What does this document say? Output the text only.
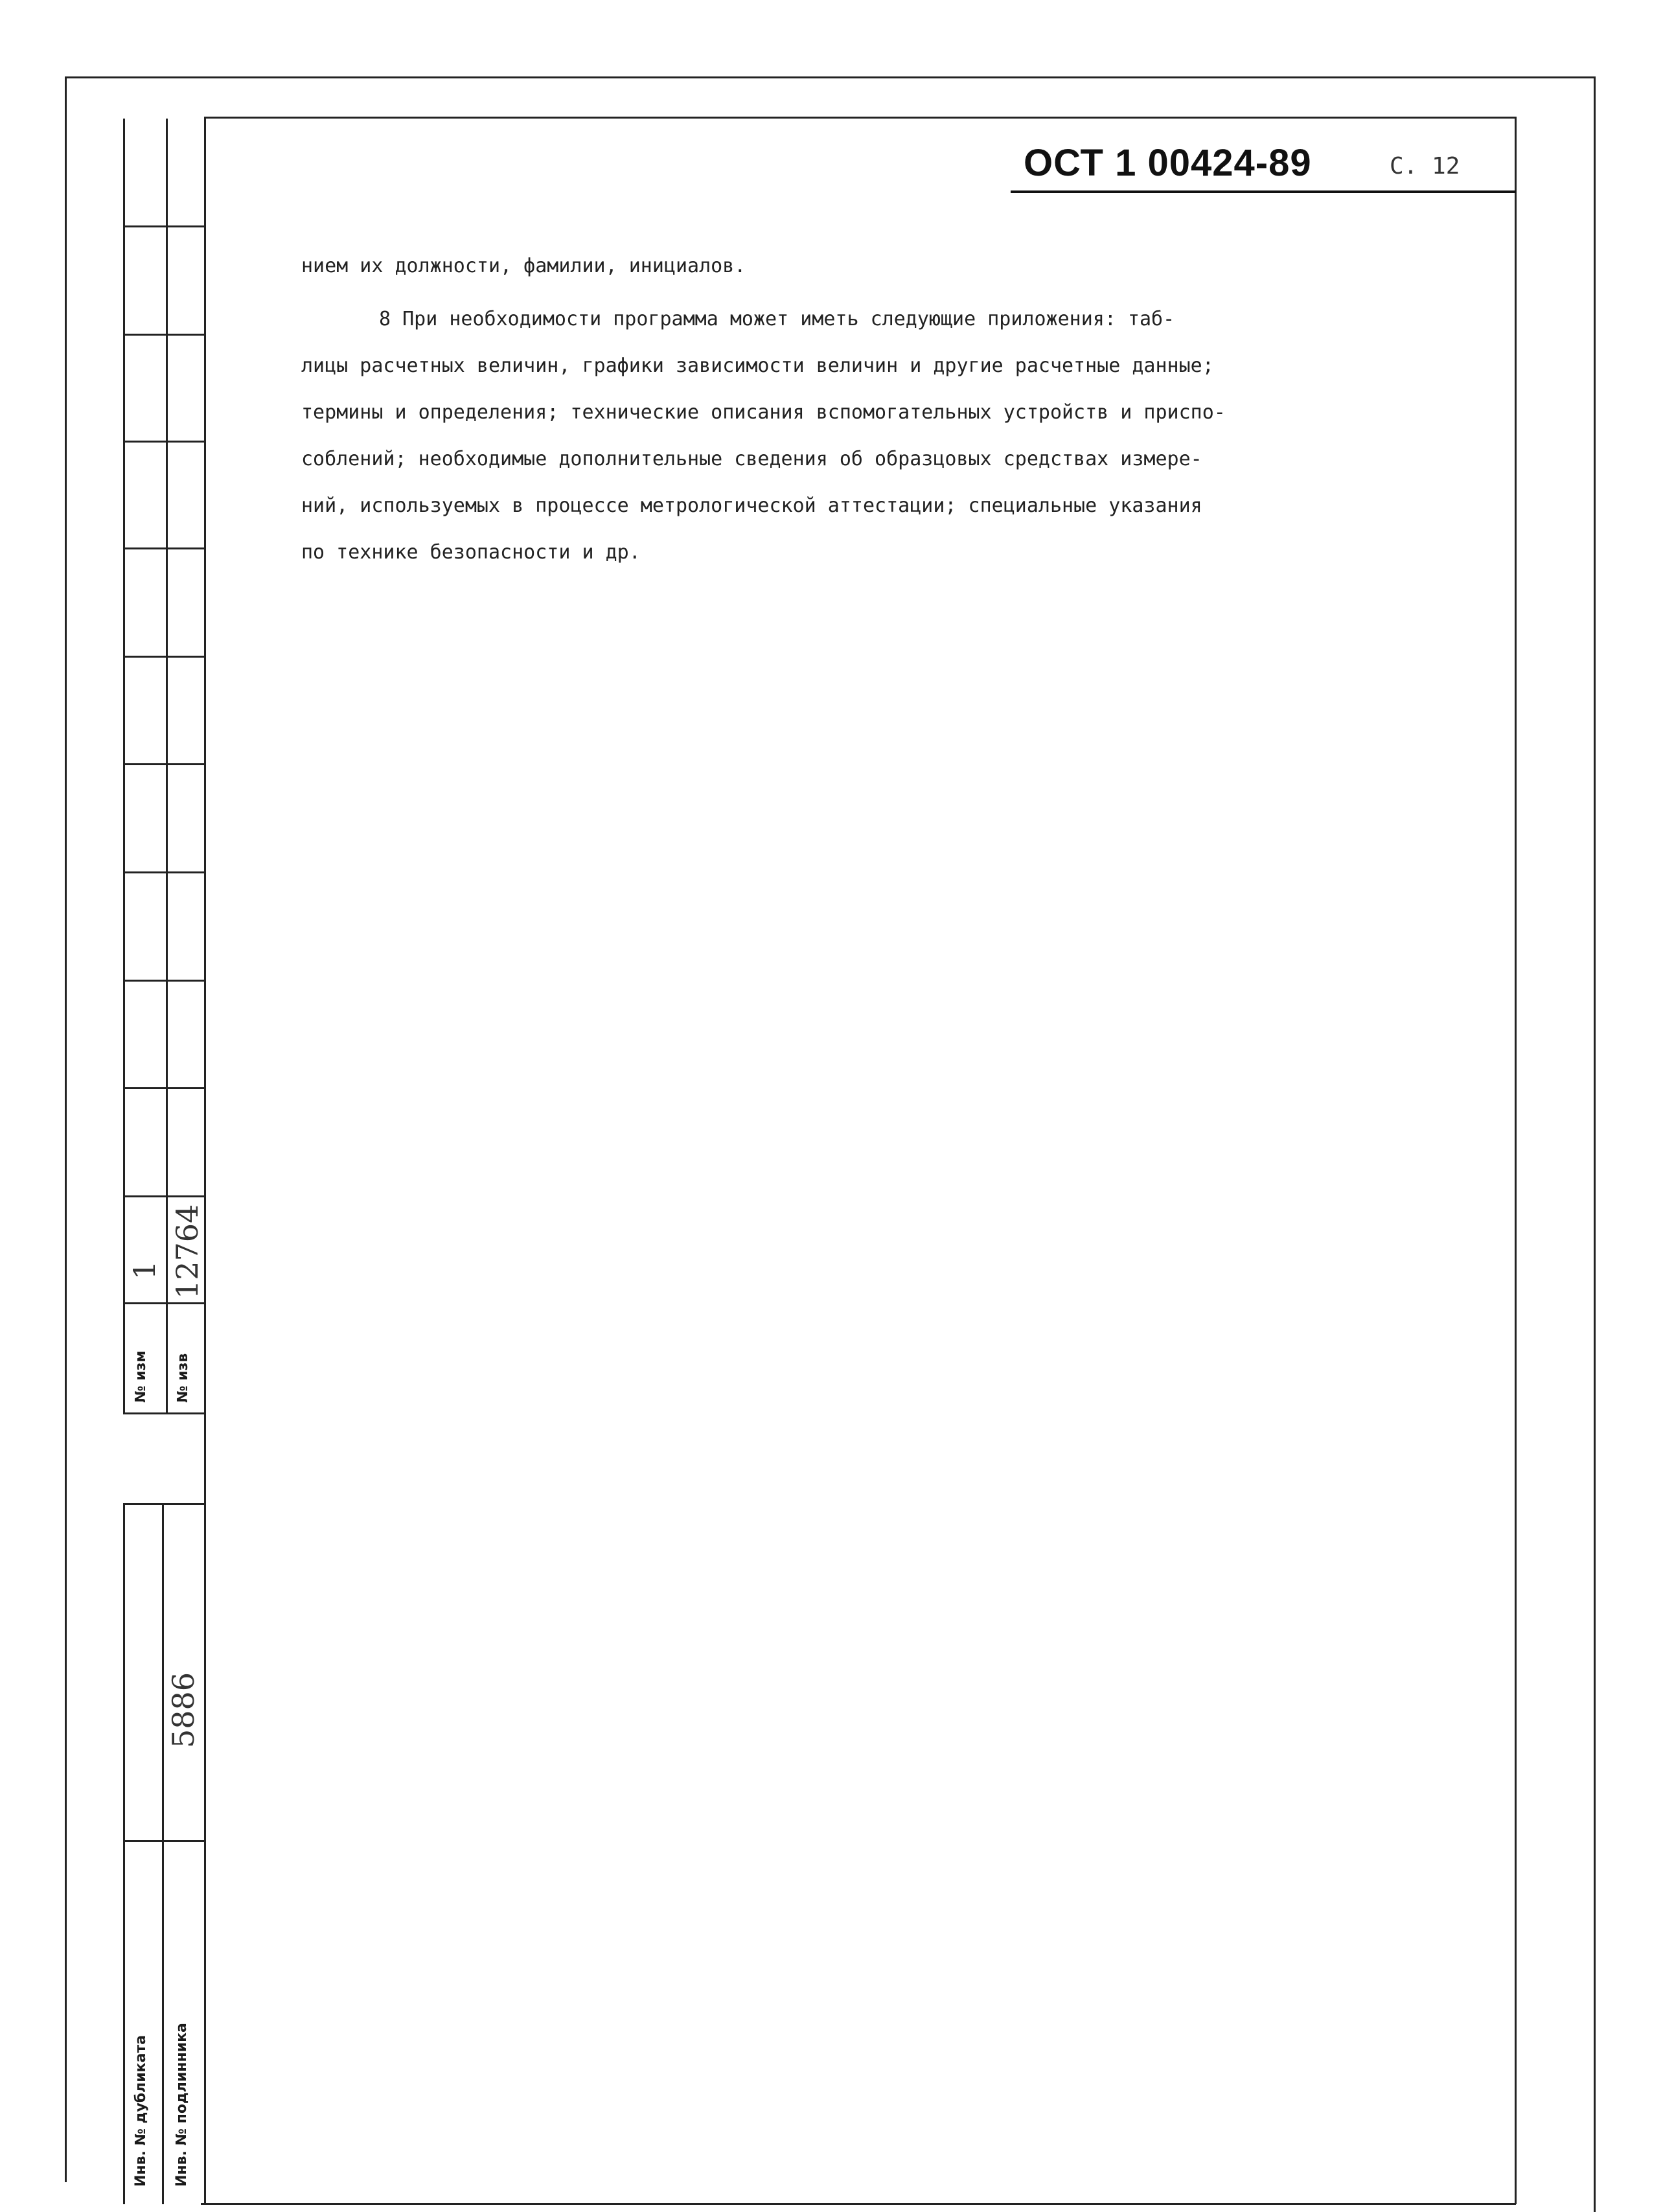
№ изм
1
№ изв
12764
5886
Инв. № дубликата Инв. № подлинника
ОСТ 1 00424-89	С. 12

нием их должности, фамилии, инициалов.

8 При необходимости программа может иметь следующие приложения: таб-
лицы расчетных величин, графики зависимости величин и другие расчетные данные;
термины и определения; технические описания вспомогательных устройств и приспо-
соблений; необходимые дополнительные сведения об образцовых средствах измере-
ний, используемых в процессе метрологической аттестации; специальные указания
по технике безопасности и др.
